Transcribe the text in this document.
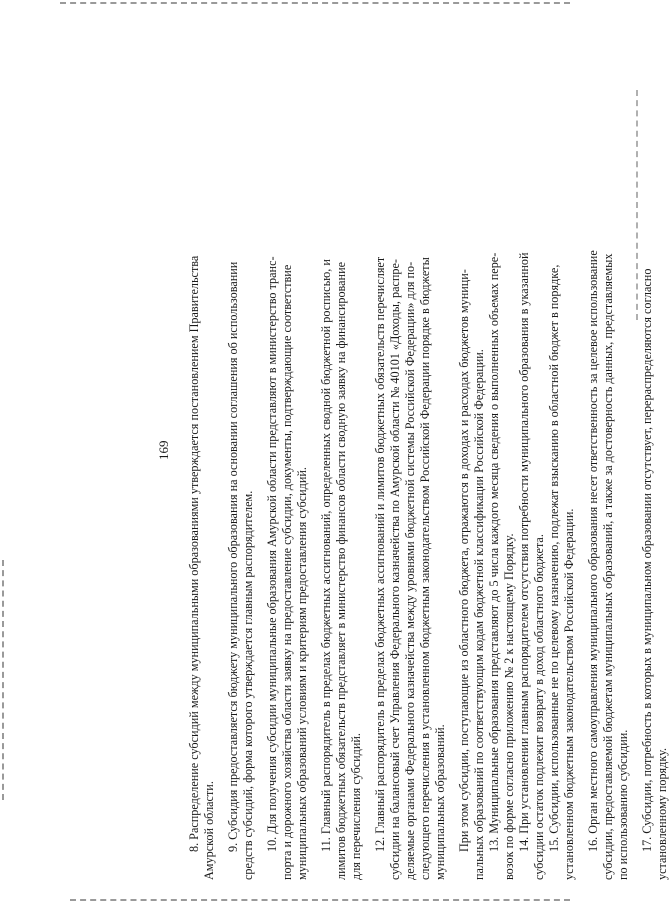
8. Распределение субсидий между муниципальными образованиями утверждается постановлением Правительства Амурской области. 9. Субсидия предоставляется бюджету муниципального образования на основании соглашения об использовании средств субсидий, форма которого утверждается главным распорядителем. 10. Для получения субсидии муниципальные образования Амурской области представляют в министерство транс- порта и дорожного хозяйства области заявку на предоставление субсидии, документы, подтверждающие соответствие муниципальных образований условиям и критериям предоставления субсидий. 11. Главный распорядитель в пределах бюджетных ассигнований, определенных сводной бюджетной росписью, и лимитов бюджетных обязательств представляет в министерство финансов области сводную заявку на финансирование для перечисления субсидий. 12. Главный распорядитель в пределах бюджетных ассигнований и лимитов бюджетных обязательств перечисляет субсидии на балансовый счет Управления Федерального казначейства по Амурской области № 40101 «Доходы, распре- деляемые органами Федерального казначейства между уровнями бюджетной системы Российской Федерации» для по- следующего перечисления в установленном бюджетным законодательством Российской Федерации порядке в бюджеты муниципальных образований. При этом субсидии, поступающие из областного бюджета, отражаются в доходах и расходах бюджетов муници- пальных образований по соответствующим кодам бюджетной классификации Российской Федерации. 13. Муниципальные образования представляют до 5 числа каждого месяца сведения о выполненных объемах пере- возок по форме согласно приложению № 2 к настоящему Порядку. 14. При установлении главным распорядителем отсутствия потребности муниципального образования в указанной субсидии остаток подлежит возврату в доход областного бюджета. 15. Субсидии, использованные не по целевому назначению, подлежат взысканию в областной бюджет в порядке, установленном бюджетным законодательством Российской Федерации. 16. Орган местного самоуправления муниципального образования несет ответственность за целевое использование субсидии, предоставляемой бюджетам муниципальных образований, а также за достоверность данных, представляемых по использованию субсидии. 17. Субсидии, потребность в которых в муниципальном образовании отсутствует, перераспределяются согласно установленному порядку.
169
